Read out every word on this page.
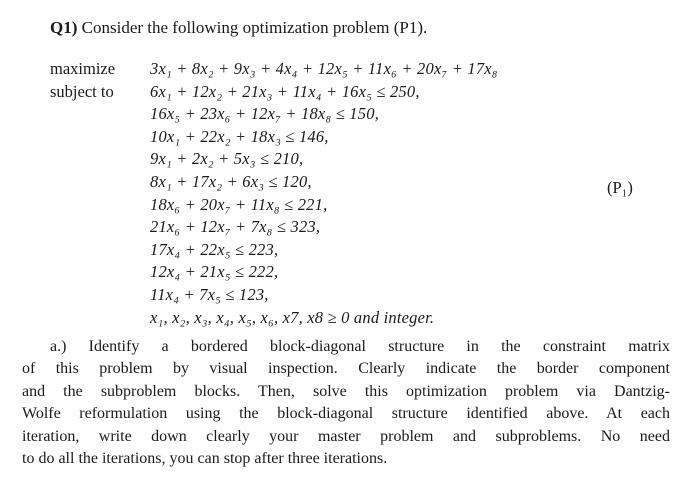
Q1) Consider the following optimization problem (P1).
maximize	3x₁ + 8x₂ + 9x₃ + 4x₄ + 12x₅ + 11x₆ + 20x₇ + 17x₈
subject to	6x₁ + 12x₂ + 21x₃ + 11x₄ + 16x₅ ≤ 250,
16x₅ + 23x₆ + 12x₇ + 18x₈ ≤ 150,
10x₁ + 22x₂ + 18x₃ ≤ 146,
9x₁ + 2x₂ + 5x₃ ≤ 210,
8x₁ + 17x₂ + 6x₃ ≤ 120,
18x₆ + 20x₇ + 11x₈ ≤ 221,
21x₆ + 12x₇ + 7x₈ ≤ 323,
17x₄ + 22x₅ ≤ 223,
12x₄ + 21x₅ ≤ 222,
11x₄ + 7x₅ ≤ 123,
x₁, x₂, x₃, x₄, x₅, x₆, x7, x8 ≥ 0 and integer.
(P₁)
a.) Identify a bordered block-diagonal structure in the constraint matrix
of this problem by visual inspection. Clearly indicate the border component
and the subproblem blocks. Then, solve this optimization problem via Dantzig-
Wolfe reformulation using the block-diagonal structure identified above. At each
iteration, write down clearly your master problem and subproblems. No need
to do all the iterations, you can stop after three iterations.
